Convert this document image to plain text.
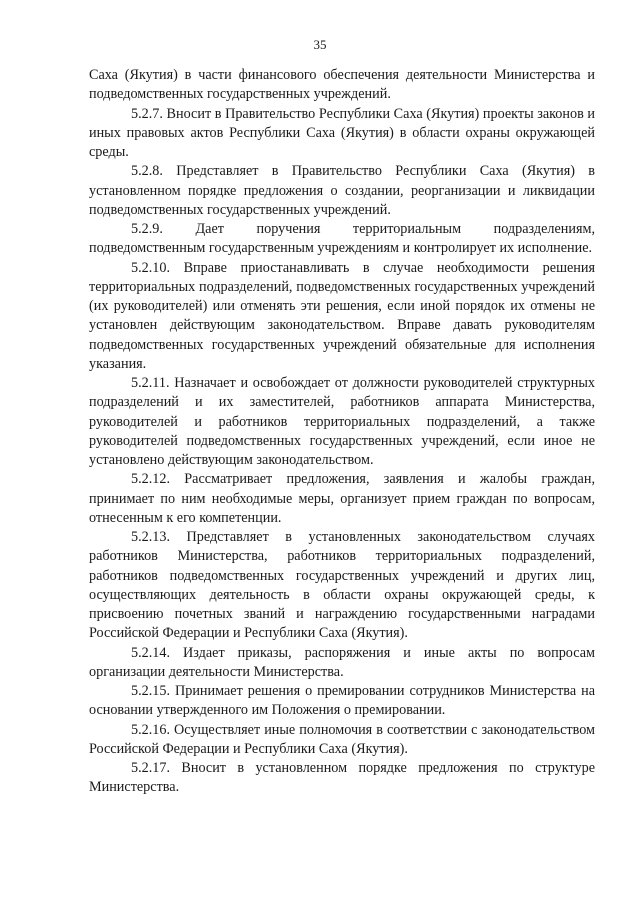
35

Саха (Якутия) в части финансового обеспечения деятельности Министерства и подведомственных государственных учреждений.

5.2.7. Вносит в Правительство Республики Саха (Якутия) проекты законов и иных правовых актов Республики Саха (Якутия) в области охраны окружающей среды.

5.2.8. Представляет в Правительство Республики Саха (Якутия) в установленном порядке предложения о создании, реорганизации и ликвидации подведомственных государственных учреждений.

5.2.9. Дает поручения территориальным подразделениям, подведомственным государственным учреждениям и контролирует их исполнение.

5.2.10. Вправе приостанавливать в случае необходимости решения территориальных подразделений, подведомственных государственных учреждений (их руководителей) или отменять эти решения, если иной порядок их отмены не установлен действующим законодательством. Вправе давать руководителям подведомственных государственных учреждений обязательные для исполнения указания.

5.2.11. Назначает и освобождает от должности руководителей структурных подразделений и их заместителей, работников аппарата Министерства, руководителей и работников территориальных подразделений, а также руководителей подведомственных государственных учреждений, если иное не установлено действующим законодательством.

5.2.12. Рассматривает предложения, заявления и жалобы граждан, принимает по ним необходимые меры, организует прием граждан по вопросам, отнесенным к его компетенции.

5.2.13. Представляет в установленных законодательством случаях работников Министерства, работников территориальных подразделений, работников подведомственных государственных учреждений и других лиц, осуществляющих деятельность в области охраны окружающей среды, к присвоению почетных званий и награждению государственными наградами Российской Федерации и Республики Саха (Якутия).

5.2.14. Издает приказы, распоряжения и иные акты по вопросам организации деятельности Министерства.

5.2.15. Принимает решения о премировании сотрудников Министерства на основании утвержденного им Положения о премировании.

5.2.16. Осуществляет иные полномочия в соответствии с законодательством Российской Федерации и Республики Саха (Якутия).

5.2.17. Вносит в установленном порядке предложения по структуре Министерства.
